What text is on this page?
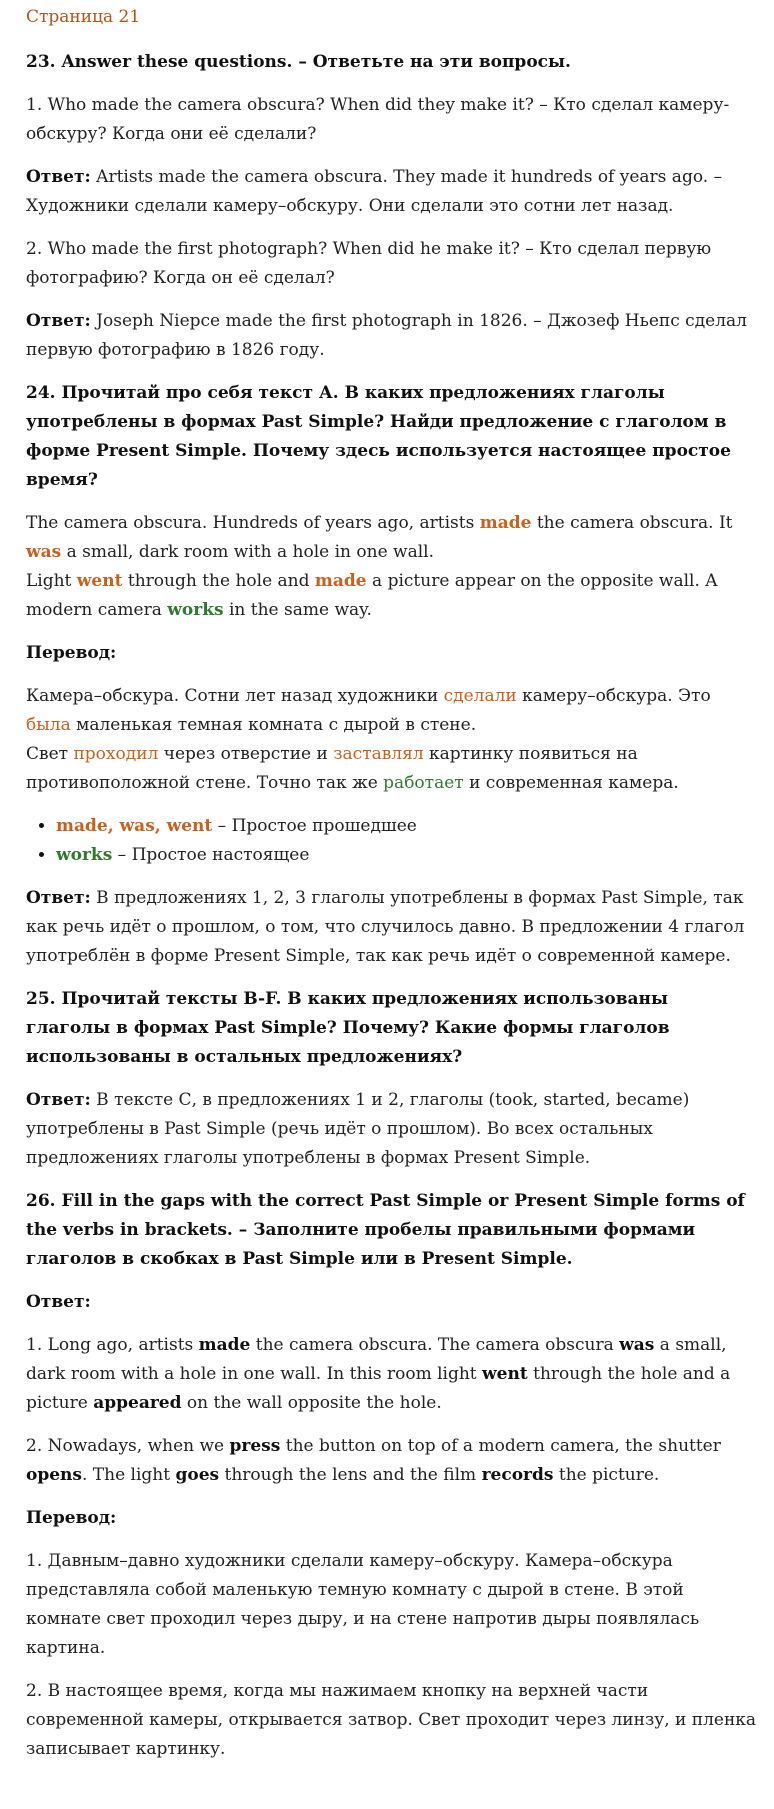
Страница 21
23. Answer these questions. – Ответьте на эти вопросы.

1. Who made the camera obscura? When did they make it? – Кто сделал камеру-обскуру? Когда они её сделали?

Ответ: Artists made the camera obscura. They made it hundreds of years ago. – Художники сделали камеру–обскуру. Они сделали это сотни лет назад.

2. Who made the first photograph? When did he make it? – Кто сделал первую фотографию? Когда он её сделал?

Ответ: Joseph Niepce made the first photograph in 1826. – Джозеф Ньепс сделал первую фотографию в 1826 году.

24. Прочитай про себя текст А. В каких предложениях глаголы употреблены в формах Past Simple? Найди предложение с глаголом в форме Present Simple. Почему здесь используется настоящее простое время?

The camera obscura. Hundreds of years ago, artists made the camera obscura. It was a small, dark room with a hole in one wall.
Light went through the hole and made a picture appear on the opposite wall. A modern camera works in the same way.

Перевод:

Камера–обскура. Сотни лет назад художники сделали камеру–обскура. Это была маленькая темная комната с дырой в стене.
Свет проходил через отверстие и заставлял картинку появиться на противоположной стене. Точно так же работает и современная камера.

• made, was, went – Простое прошедшее
• works – Простое настоящее

Ответ: В предложениях 1, 2, 3 глаголы употреблены в формах Past Simple, так как речь идёт о прошлом, о том, что случилось давно. В предложении 4 глагол употреблён в форме Present Simple, так как речь идёт о современной камере.

25. Прочитай тексты B-F. В каких предложениях использованы глаголы в формах Past Simple? Почему? Какие формы глаголов использованы в остальных предложениях?

Ответ: В тексте С, в предложениях 1 и 2, глаголы (took, started, became) употреблены в Past Simple (речь идёт о прошлом). Во всех остальных предложениях глаголы употреблены в формах Present Simple.

26. Fill in the gaps with the correct Past Simple or Present Simple forms of the verbs in brackets. – Заполните пробелы правильными формами глаголов в скобках в Past Simple или в Present Simple.

Ответ:

1. Long ago, artists made the camera obscura. The camera obscura was a small, dark room with a hole in one wall. In this room light went through the hole and a picture appeared on the wall opposite the hole.

2. Nowadays, when we press the button on top of a modern camera, the shutter opens. The light goes through the lens and the film records the picture.

Перевод:

1. Давным–давно художники сделали камеру–обскуру. Камера–обскура представляла собой маленькую темную комнату с дырой в стене. В этой комнате свет проходил через дыру, и на стене напротив дыры появлялась картина.

2. В настоящее время, когда мы нажимаем кнопку на верхней части современной камеры, открывается затвор. Свет проходит через линзу, и пленка записывает картинку.
